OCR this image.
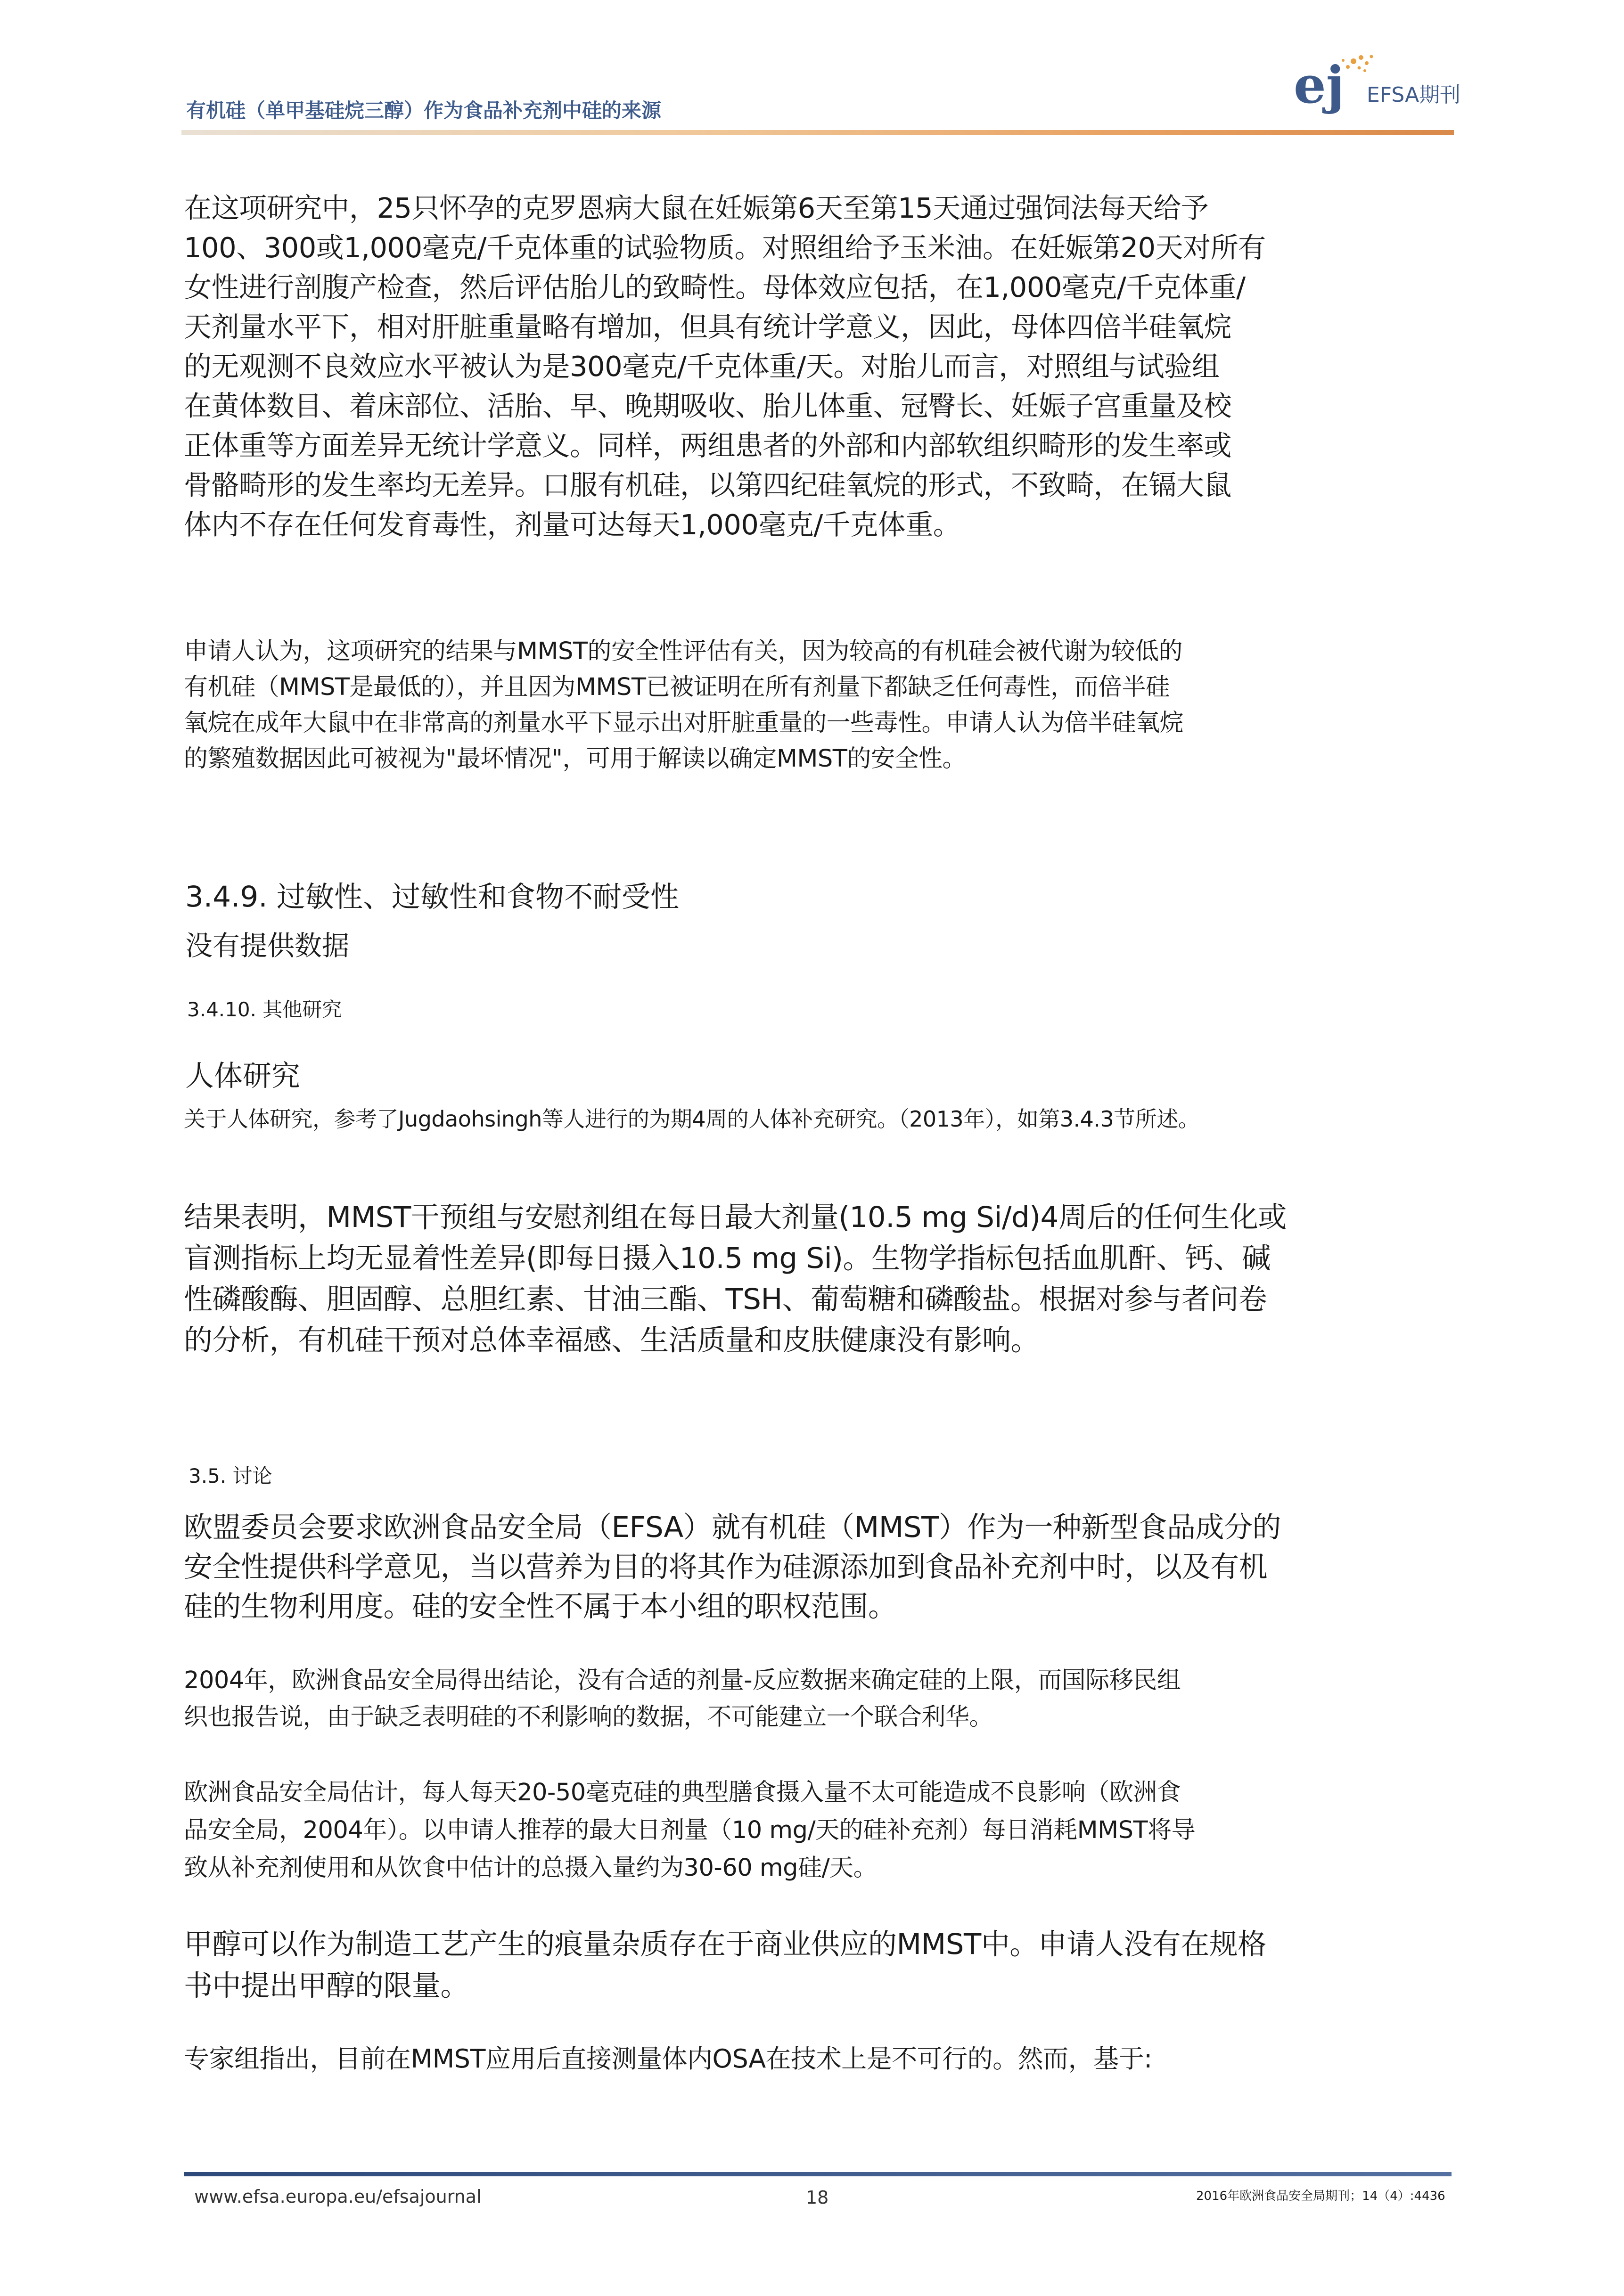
有机硅（单甲基硅烷三醇）作为食品补充剂中硅的来源	ej EFSA期刊

在这项研究中，25只怀孕的克罗恩病大鼠在妊娠第6天至第15天通过强饲法每天给予
100、300或1,000毫克/千克体重的试验物质。对照组给予玉米油。在妊娠第20天对所有
女性进行剖腹产检查，然后评估胎儿的致畸性。母体效应包括，在1,000毫克/千克体重/
天剂量水平下，相对肝脏重量略有增加，但具有统计学意义，因此，母体四倍半硅氧烷
的无观测不良效应水平被认为是300毫克/千克体重/天。对胎儿而言，对照组与试验组
在黄体数目、着床部位、活胎、早、晚期吸收、胎儿体重、冠臀长、妊娠子宫重量及校
正体重等方面差异无统计学意义。同样，两组患者的外部和内部软组织畸形的发生率或
骨骼畸形的发生率均无差异。口服有机硅，以第四纪硅氧烷的形式，不致畸，在镉大鼠
体内不存在任何发育毒性，剂量可达每天1,000毫克/千克体重。

申请人认为，这项研究的结果与MMST的安全性评估有关，因为较高的有机硅会被代谢为较低的
有机硅（MMST是最低的），并且因为MMST已被证明在所有剂量下都缺乏任何毒性，而倍半硅
氧烷在成年大鼠中在非常高的剂量水平下显示出对肝脏重量的一些毒性。申请人认为倍半硅氧烷
的繁殖数据因此可被视为"最坏情况"，可用于解读以确定MMST的安全性。

3.4.9. 过敏性、过敏性和食物不耐受性
没有提供数据
3.4.10. 其他研究
人体研究

关于人体研究，参考了Jugdaohsingh等人进行的为期4周的人体补充研究。（2013年），如第3.4.3节所述。

结果表明，MMST干预组与安慰剂组在每日最大剂量(10.5 mg Si/d)4周后的任何生化或
盲测指标上均无显着性差异(即每日摄入10.5 mg Si)。生物学指标包括血肌酐、钙、碱
性磷酸酶、胆固醇、总胆红素、甘油三酯、TSH、葡萄糖和磷酸盐。根据对参与者问卷
的分析，有机硅干预对总体幸福感、生活质量和皮肤健康没有影响。

3.5. 讨论

欧盟委员会要求欧洲食品安全局（EFSA）就有机硅（MMST）作为一种新型食品成分的
安全性提供科学意见，当以营养为目的将其作为硅源添加到食品补充剂中时，以及有机
硅的生物利用度。硅的安全性不属于本小组的职权范围。

2004年，欧洲食品安全局得出结论，没有合适的剂量-反应数据来确定硅的上限，而国际移民组
织也报告说，由于缺乏表明硅的不利影响的数据，不可能建立一个联合利华。

欧洲食品安全局估计，每人每天20-50毫克硅的典型膳食摄入量不太可能造成不良影响（欧洲食
品安全局，2004年）。以申请人推荐的最大日剂量（10 mg/天的硅补充剂）每日消耗MMST将导
致从补充剂使用和从饮食中估计的总摄入量约为30-60 mg硅/天。

甲醇可以作为制造工艺产生的痕量杂质存在于商业供应的MMST中。申请人没有在规格
书中提出甲醇的限量。

专家组指出，目前在MMST应用后直接测量体内OSA在技术上是不可行的。然而，基于:

www.efsa.europa.eu/efsajournal	18	2016年欧洲食品安全局期刊；14（4）:4436
